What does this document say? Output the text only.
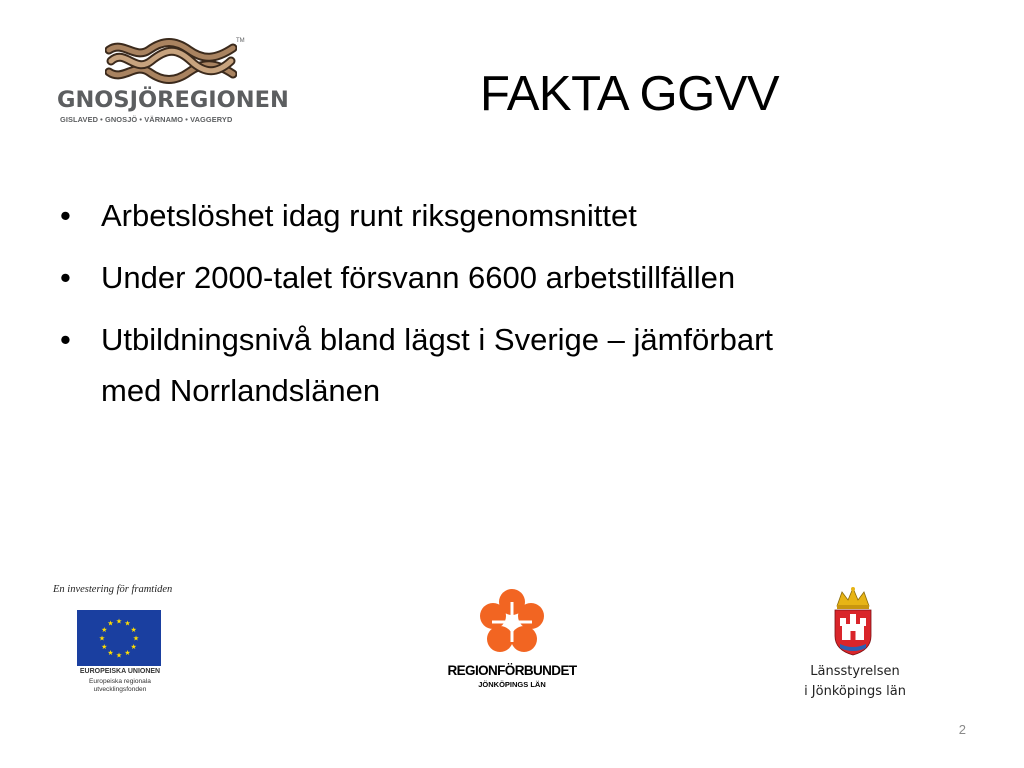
TM
GNOSJÖREGIONEN
GISLAVED • GNOSJÖ • VÄRNAMO • VAGGERYD	FAKTA GGVV
• Arbetslöshet idag runt riksgenomsnittet
• Under 2000-talet försvann 6600 arbetstillfällen
• Utbildningsnivå bland lägst i Sverige – jämförbart med Norrlandslänen
En investering för framtiden
★ ★
★
★
★
★
★
★
★
★
★
★
EUROPEISKA UNIONEN
Europeiska regionala
utvecklingsfonden
REGIONFÖRBUNDET
JÖNKÖPINGS LÄN
Länsstyrelsen
i Jönköpings län
2
